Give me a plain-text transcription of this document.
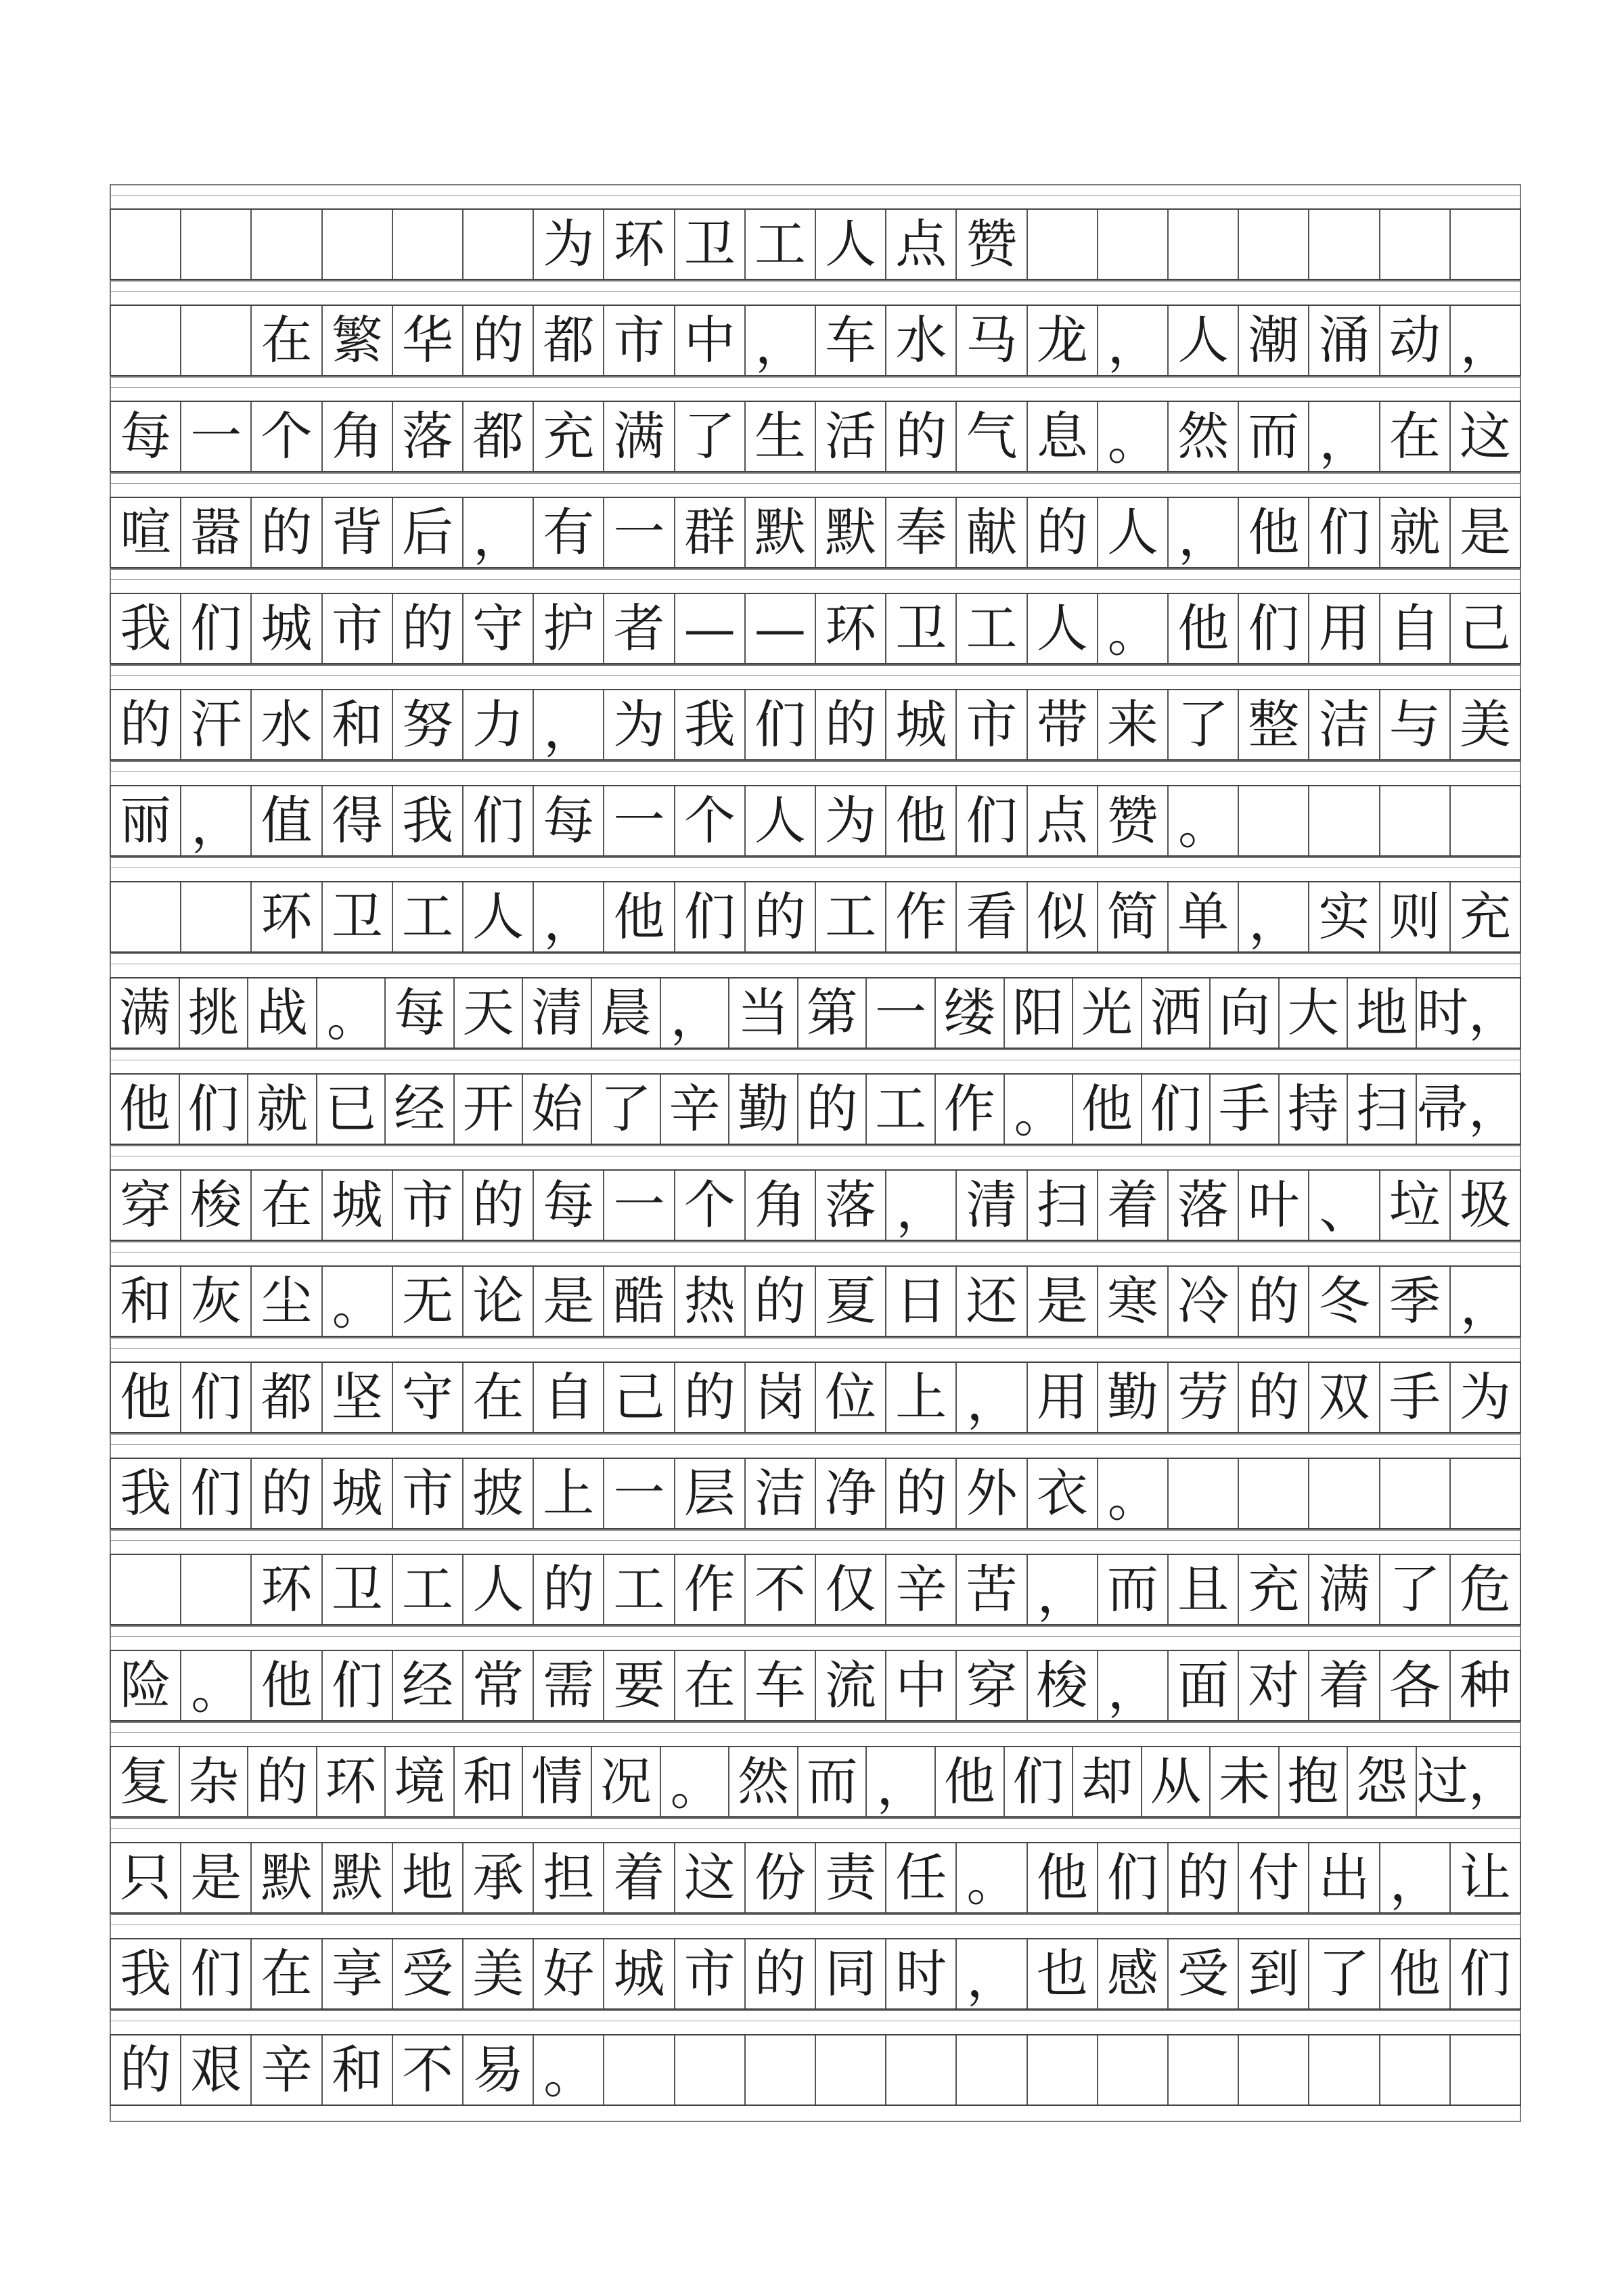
为 环 卫 工 人 点 赞
在 繁 华 的 都 市 中 ， 车 水 马 龙 ， 人 潮 涌 动 ，
每 一 个 角 落 都 充 满 了 生 活 的 气 息 。 然 而 ， 在 这
喧 嚣 的 背 后 ， 有 一 群 默 默 奉 献 的 人 ， 他 们 就 是
我 们 城 市 的 守 护 者 — — 环 卫 工 人 。 他 们 用 自 己
的 汗 水 和 努 力 ， 为 我 们 的 城 市 带 来 了 整 洁 与 美
丽 ， 值 得 我 们 每 一 个 人 为 他 们 点 赞 。
环 卫 工 人 ， 他 们 的 工 作 看 似 简 单 ， 实 则 充
满 挑 战 。 每 天 清 晨 ， 当 第 一 缕 阳 光 洒 向 大 地 时，
他 们 就 已 经 开 始 了 辛 勤 的 工 作 。 他 们 手 持 扫 帚，
穿 梭 在 城 市 的 每 一 个 角 落 ， 清 扫 着 落 叶 、 垃 圾
和 灰 尘 。 无 论 是 酷 热 的 夏 日 还 是 寒 冷 的 冬 季 ，
他 们 都 坚 守 在 自 己 的 岗 位 上 ， 用 勤 劳 的 双 手 为
我 们 的 城 市 披 上 一 层 洁 净 的 外 衣 。
环 卫 工 人 的 工 作 不 仅 辛 苦 ， 而 且 充 满 了 危
险 。 他 们 经 常 需 要 在 车 流 中 穿 梭 ， 面 对 着 各 种
复 杂 的 环 境 和 情 况 。 然 而 ， 他 们 却 从 未 抱 怨 过，
只 是 默 默 地 承 担 着 这 份 责 任 。 他 们 的 付 出 ， 让
我 们 在 享 受 美 好 城 市 的 同 时 ， 也 感 受 到 了 他 们
的 艰 辛 和 不 易 。
